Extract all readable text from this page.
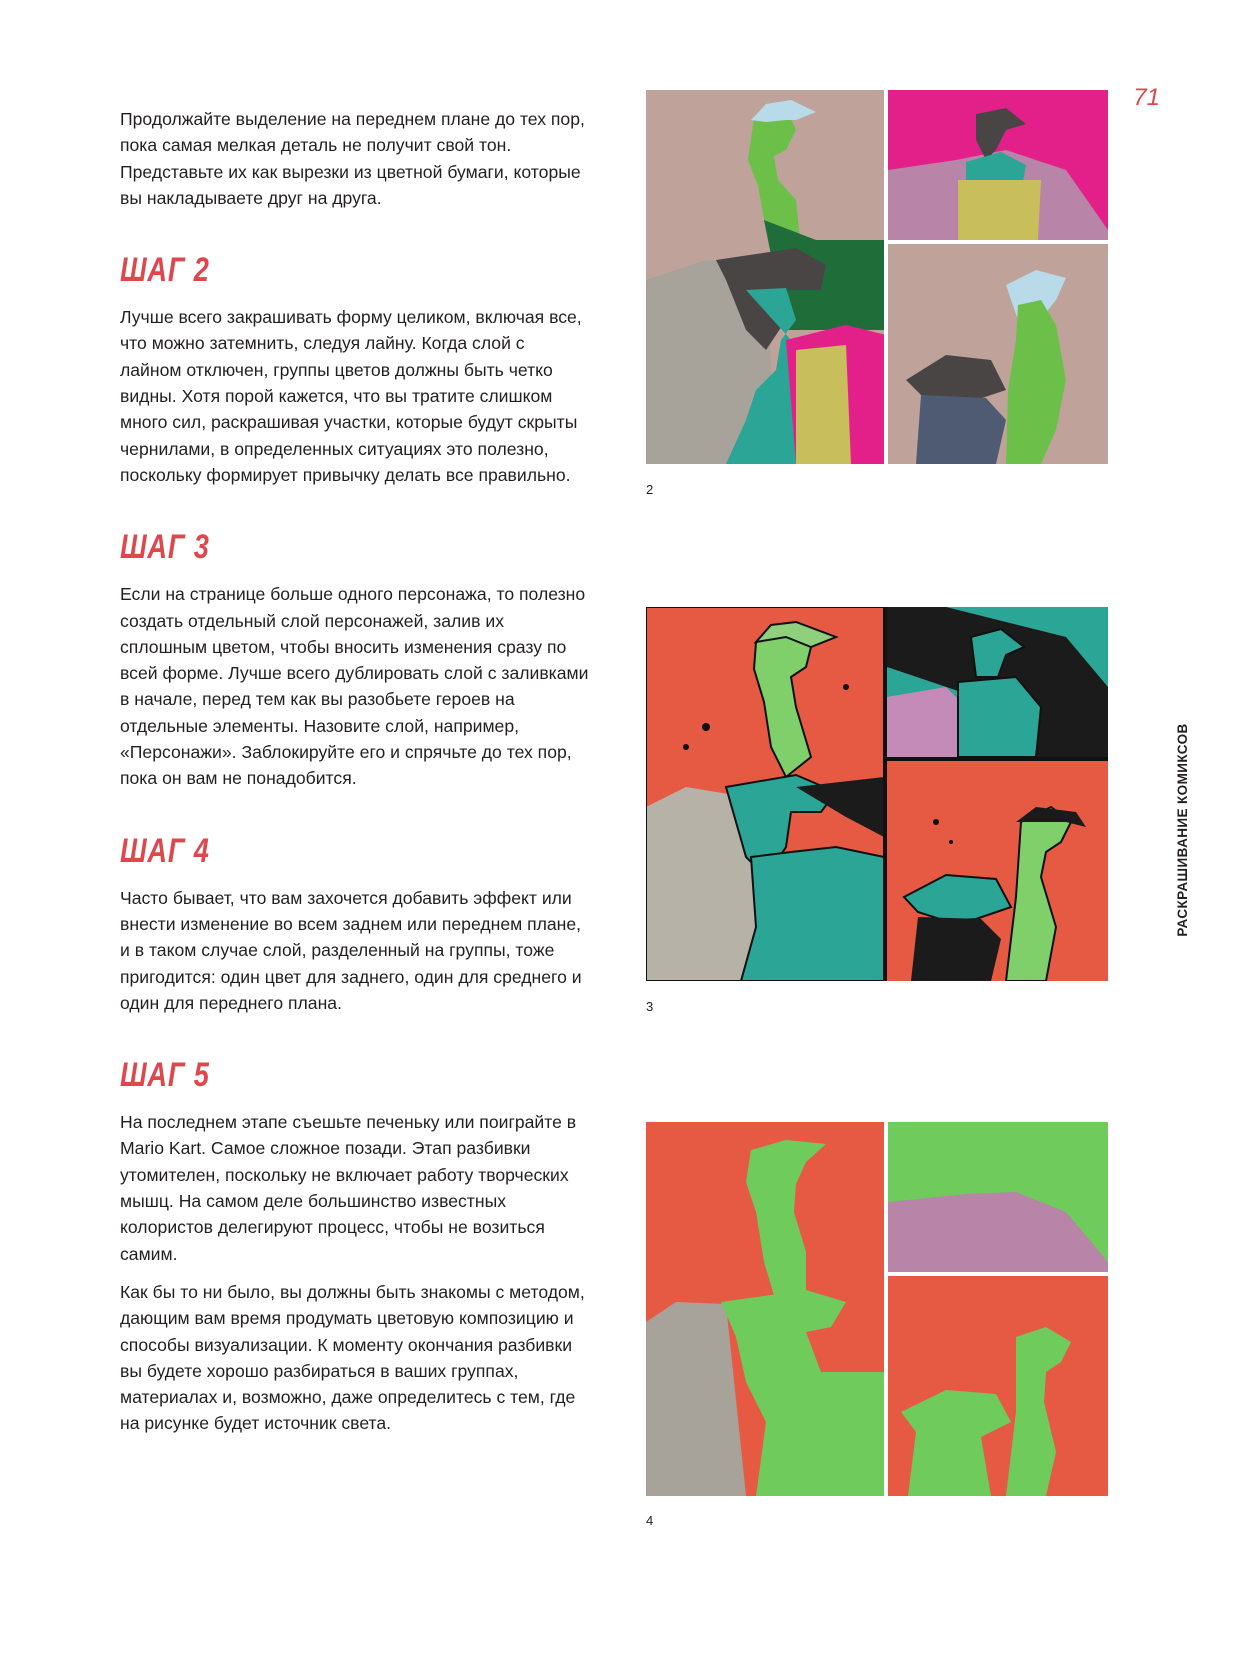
71
РАСКРАШИВАНИЕ КОМИКСОВ

Продолжайте выделение на переднем плане до тех пор, пока самая мелкая деталь не получит свой тон. Представьте их как вырезки из цветной бумаги, которые вы накладываете друг на друга.

ШАГ 2

Лучше всего закрашивать форму целиком, включая все, что можно затемнить, следуя лайну. Когда слой с лайном отключен, группы цветов должны быть четко видны. Хотя порой кажется, что вы тратите слишком много сил, раскрашивая участки, которые будут скрыты чернилами, в определенных ситуациях это полезно, поскольку формирует привычку делать все правильно.

ШАГ 3

Если на странице больше одного персонажа, то полезно создать отдельный слой персонажей, залив их сплошным цветом, чтобы вносить изменения сразу по всей форме. Лучше всего дублировать слой с заливками в начале, перед тем как вы разобьете героев на отдельные элементы. Назовите слой, например, «Персонажи». Заблокируйте его и спрячьте до тех пор, пока он вам не понадобится.

ШАГ 4

Часто бывает, что вам захочется добавить эффект или внести изменение во всем заднем или переднем плане, и в таком случае слой, разделенный на группы, тоже пригодится: один цвет для заднего, один для среднего и один для переднего плана.

ШАГ 5

На последнем этапе съешьте печеньку или поиграйте в Mario Kart. Самое сложное позади. Этап разбивки утомителен, поскольку не включает работу творческих мышц. На самом деле большинство известных колористов делегируют процесс, чтобы не возиться самим.

Как бы то ни было, вы должны быть знакомы с методом, дающим вам время продумать цветовую композицию и способы визуализации. К моменту окончания разбивки вы будете хорошо разбираться в ваших группах, материалах и, возможно, даже определитесь с тем, где на рисунке будет источник света.

2
3
4
